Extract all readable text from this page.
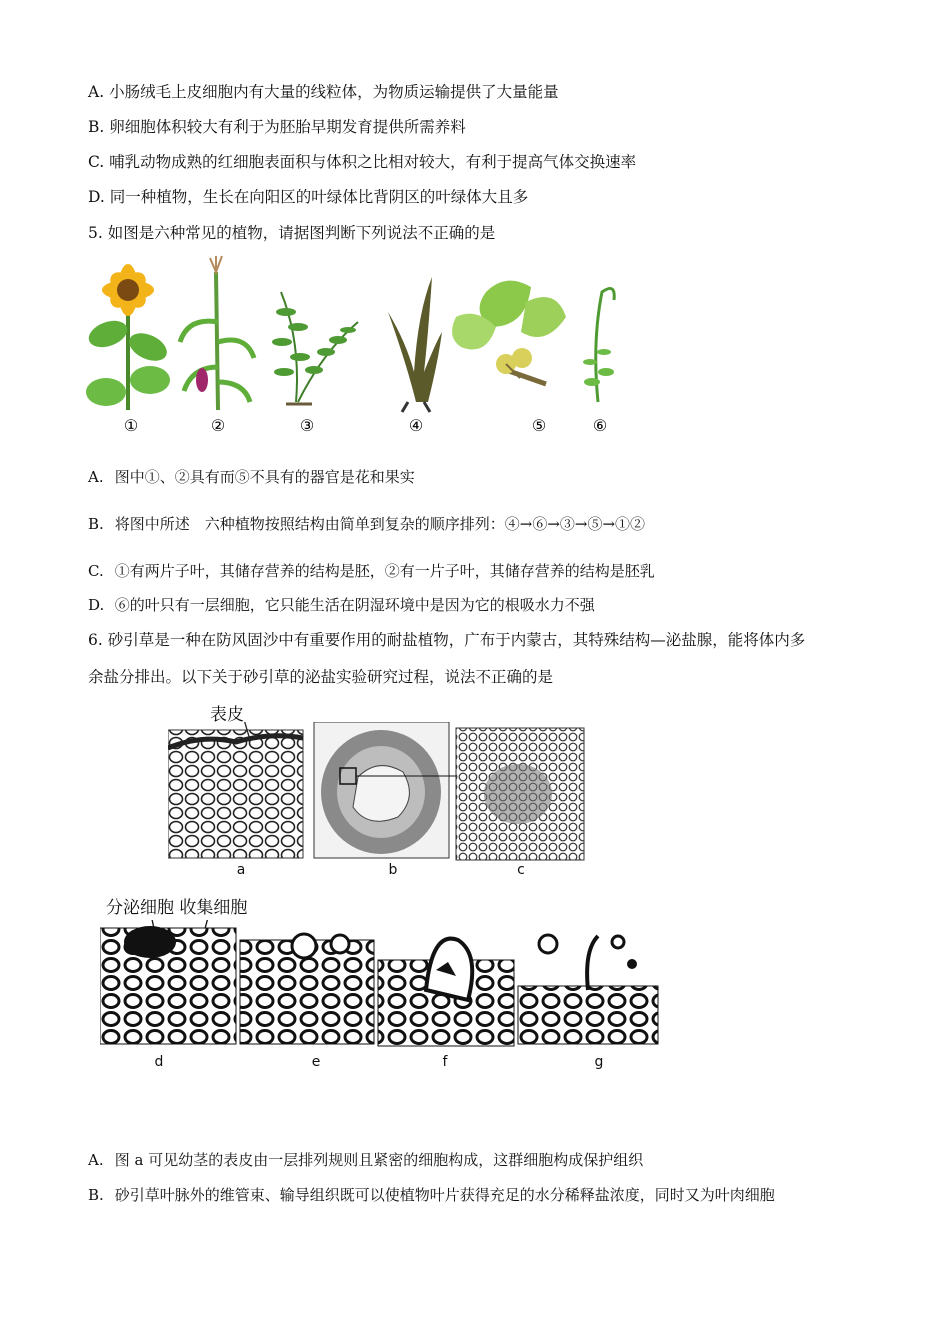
A. 小肠绒毛上皮细胞内有大量的线粒体，为物质运输提供了大量能量
B. 卵细胞体积较大有利于为胚胎早期发育提供所需养料
C. 哺乳动物成熟的红细胞表面积与体积之比相对较大，有利于提高气体交换速率
D. 同一种植物，生长在向阳区的叶绿体比背阴区的叶绿体大且多
5. 如图是六种常见的植物，请据图判断下列说法不正确的是
①	②	③	④	⑤	⑥
A. 图中①、②具有而⑤不具有的器官是花和果实
B. 将图中所述　六种植物按照结构由简单到复杂的顺序排列：④→⑥→③→⑤→①②
C. ①有两片子叶，其储存营养的结构是胚，②有一片子叶，其储存营养的结构是胚乳
D. ⑥的叶只有一层细胞，它只能生活在阴湿环境中是因为它的根吸水力不强
6. 砂引草是一种在防风固沙中有重要作用的耐盐植物，广布于内蒙古，其特殊结构—泌盐腺，能将体内多
余盐分排出。以下关于砂引草的泌盐实验研究过程，说法不正确的是
表皮
a	b	c
分泌细胞 收集细胞
d	e	f	g
A. 图 a 可见幼茎的表皮由一层排列规则且紧密的细胞构成，这群细胞构成保护组织
B. 砂引草叶脉外的维管束、输导组织既可以使植物叶片获得充足的水分稀释盐浓度，同时又为叶肉细胞
